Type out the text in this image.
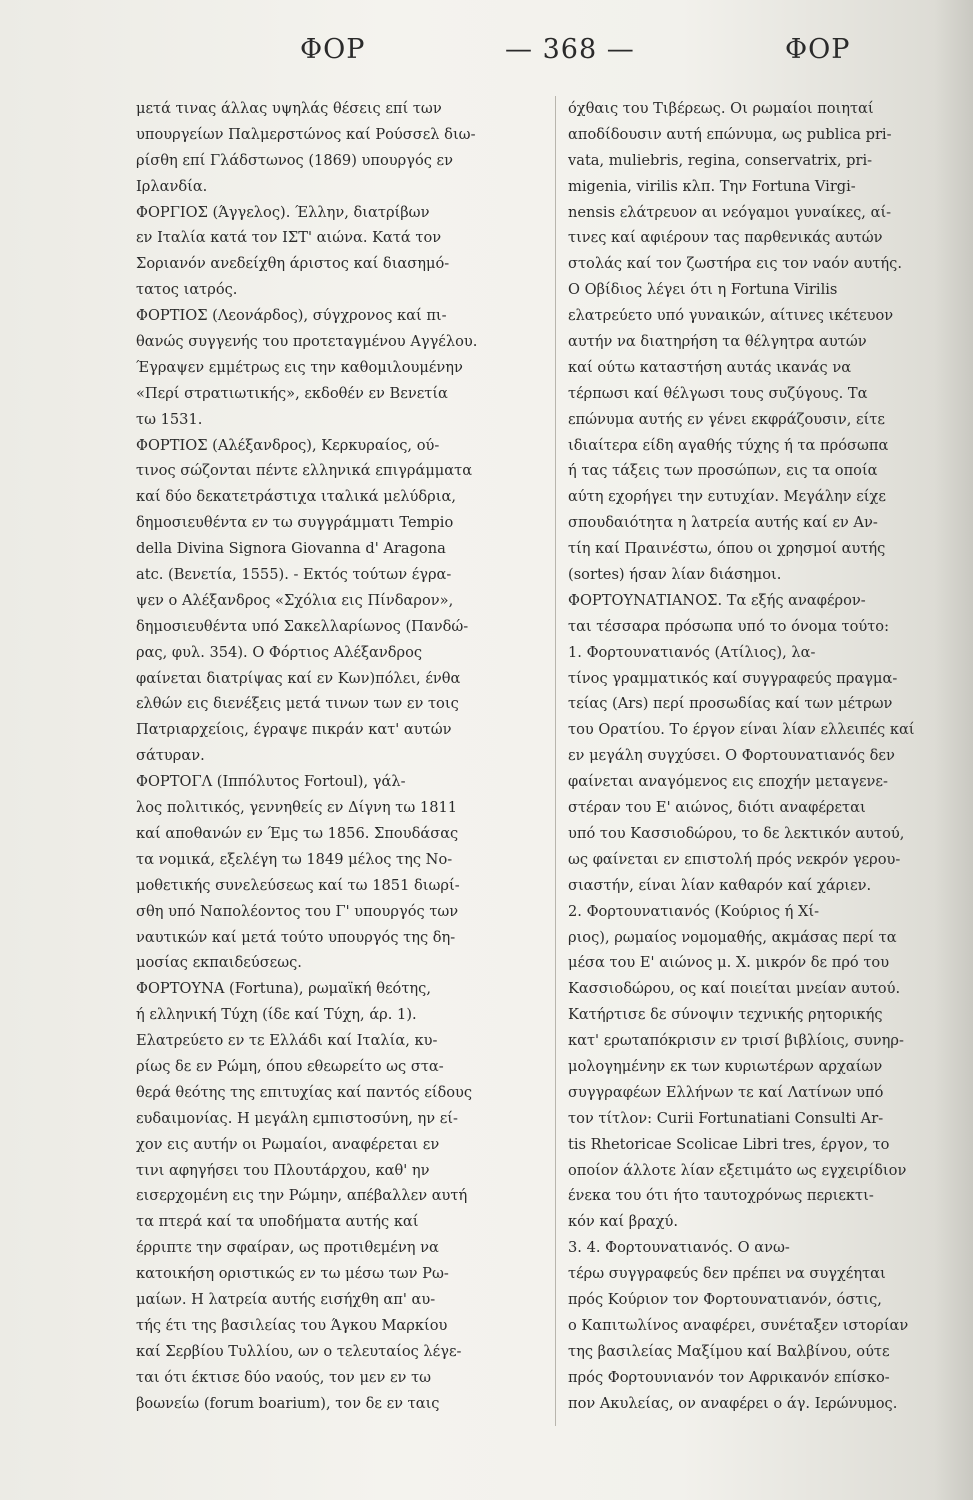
ΦΟΡ	— 368 —	ΦΟΡ
μετά τινας άλλας υψηλάς θέσεις επί των
υπουργείων Παλμερστώνος καί Ρούσσελ διω-
ρίσθη επί Γλάδστωνος (1869) υπουργός εν
Ιρλανδία.
ΦΟΡΓΙΟΣ (Άγγελος). Έλλην, διατρίβων
εν Ιταλία κατά τον ΙΣΤ' αιώνα. Κατά τον
Σοριανόν ανεδείχθη άριστος καί διασημό-
τατος ιατρός.
ΦΟΡΤΙΟΣ (Λεονάρδος), σύγχρονος καί πι-
θανώς συγγενής του προτεταγμένου Αγγέλου.
Έγραψεν εμμέτρως εις την καθομιλουμένην
«Περί στρατιωτικής», εκδοθέν εν Βενετία
τω 1531.
ΦΟΡΤΙΟΣ (Αλέξανδρος), Κερκυραίος, ού-
τινος σώζονται πέντε ελληνικά επιγράμματα
καί δύο δεκατετράστιχα ιταλικά μελύδρια,
δημοσιευθέντα εν τω συγγράμματι Tempio
della Divina Signora Giovanna d' Aragona
atc. (Βενετία, 1555). - Εκτός τούτων έγρα-
ψεν ο Αλέξανδρος «Σχόλια εις Πίνδαρον»,
δημοσιευθέντα υπό Σακελλαρίωνος (Πανδώ-
ρας, φυλ. 354). Ο Φόρτιος Αλέξανδρος
φαίνεται διατρίψας καί εν Κων)πόλει, ένθα
ελθών εις διενέξεις μετά τινων των εν τοις
Πατριαρχείοις, έγραψε πικράν κατ' αυτών
σάτυραν.
ΦΟΡΤΟΓΛ (Ιππόλυτος Fortoul), γάλ-
λος πολιτικός, γεννηθείς εν Δίγνη τω 1811
καί αποθανών εν Έμς τω 1856. Σπουδάσας
τα νομικά, εξελέγη τω 1849 μέλος της Νο-
μοθετικής συνελεύσεως καί τω 1851 διωρί-
σθη υπό Ναπολέοντος του Γ' υπουργός των
ναυτικών καί μετά τούτο υπουργός της δη-
μοσίας εκπαιδεύσεως.
ΦΟΡΤΟΥΝΑ (Fortuna), ρωμαϊκή θεότης,
ή ελληνική Τύχη (ίδε καί Τύχη, άρ. 1).
Ελατρεύετο εν τε Ελλάδι καί Ιταλία, κυ-
ρίως δε εν Ρώμη, όπου εθεωρείτο ως στα-
θερά θεότης της επιτυχίας καί παντός είδους
ευδαιμονίας. Η μεγάλη εμπιστοσύνη, ην εί-
χον εις αυτήν οι Ρωμαίοι, αναφέρεται εν
τινι αφηγήσει του Πλουτάρχου, καθ' ην
εισερχομένη εις την Ρώμην, απέβαλλεν αυτή
τα πτερά καί τα υποδήματα αυτής καί
έρριπτε την σφαίραν, ως προτιθεμένη να
κατοικήση οριστικώς εν τω μέσω των Ρω-
μαίων. Η λατρεία αυτής εισήχθη απ' αυ-
τής έτι της βασιλείας του Άγκου Μαρκίου
καί Σερβίου Τυλλίου, ων ο τελευταίος λέγε-
ται ότι έκτισε δύο ναούς, τον μεν εν τω
βοωνείω (forum boarium), τον δε εν ταις
όχθαις του Τιβέρεως. Οι ρωμαίοι ποιηταί
αποδίδουσιν αυτή επώνυμα, ως publica pri-
vata, muliebris, regina, conservatrix, pri-
migenia, virilis κλπ. Την Fortuna Virgi-
nensis ελάτρευον αι νεόγαμοι γυναίκες, αί-
τινες καί αφιέρουν τας παρθενικάς αυτών
στολάς καί τον ζωστήρα εις τον ναόν αυτής.
Ο Οβίδιος λέγει ότι η Fortuna Virilis
ελατρεύετο υπό γυναικών, αίτινες ικέτευον
αυτήν να διατηρήση τα θέλγητρα αυτών
καί ούτω καταστήση αυτάς ικανάς να
τέρπωσι καί θέλγωσι τους συζύγους. Τα
επώνυμα αυτής εν γένει εκφράζουσιν, είτε
ιδιαίτερα είδη αγαθής τύχης ή τα πρόσωπα
ή τας τάξεις των προσώπων, εις τα οποία
αύτη εχορήγει την ευτυχίαν. Μεγάλην είχε
σπουδαιότητα η λατρεία αυτής καί εν Αν-
τίη καί Πραινέστω, όπου οι χρησμοί αυτής
(sortes) ήσαν λίαν διάσημοι.
ΦΟΡΤΟΥΝΑΤΙΑΝΟΣ. Τα εξής αναφέρον-
ται τέσσαρα πρόσωπα υπό το όνομα τούτο:
1. Φορτουνατιανός (Ατίλιος), λα-
τίνος γραμματικός καί συγγραφεύς πραγμα-
τείας (Ars) περί προσωδίας καί των μέτρων
του Ορατίου. Το έργον είναι λίαν ελλειπές καί
εν μεγάλη συγχύσει. Ο Φορτουνατιανός δεν
φαίνεται αναγόμενος εις εποχήν μεταγενε-
στέραν του Ε' αιώνος, διότι αναφέρεται
υπό του Κασσιοδώρου, το δε λεκτικόν αυτού,
ως φαίνεται εν επιστολή πρός νεκρόν γερου-
σιαστήν, είναι λίαν καθαρόν καί χάριεν.
2. Φορτουνατιανός (Κούριος ή Χί-
ριος), ρωμαίος νομομαθής, ακμάσας περί τα
μέσα του Ε' αιώνος μ. Χ. μικρόν δε πρό του
Κασσιοδώρου, ος καί ποιείται μνείαν αυτού.
Κατήρτισε δε σύνοψιν τεχνικής ρητορικής
κατ' ερωταπόκρισιν εν τρισί βιβλίοις, συνηρ-
μολογημένην εκ των κυριωτέρων αρχαίων
συγγραφέων Ελλήνων τε καί Λατίνων υπό
τον τίτλον: Curii Fortunatiani Consulti Ar-
tis Rhetoricae Scolicae Libri tres, έργον, το
οποίον άλλοτε λίαν εξετιμάτο ως εγχειρίδιον
ένεκα του ότι ήτο ταυτοχρόνως περιεκτι-
κόν καί βραχύ.
3. 4. Φορτουνατιανός. Ο ανω-
τέρω συγγραφεύς δεν πρέπει να συγχέηται
πρός Κούριον τον Φορτουνατιανόν, όστις,
ο Καπιτωλίνος αναφέρει, συνέταξεν ιστορίαν
της βασιλείας Μαξίμου καί Βαλβίνου, ούτε
πρός Φορτουνιανόν τον Αφρικανόν επίσκο-
πον Ακυλείας, ον αναφέρει ο άγ. Ιερώνυμος.
